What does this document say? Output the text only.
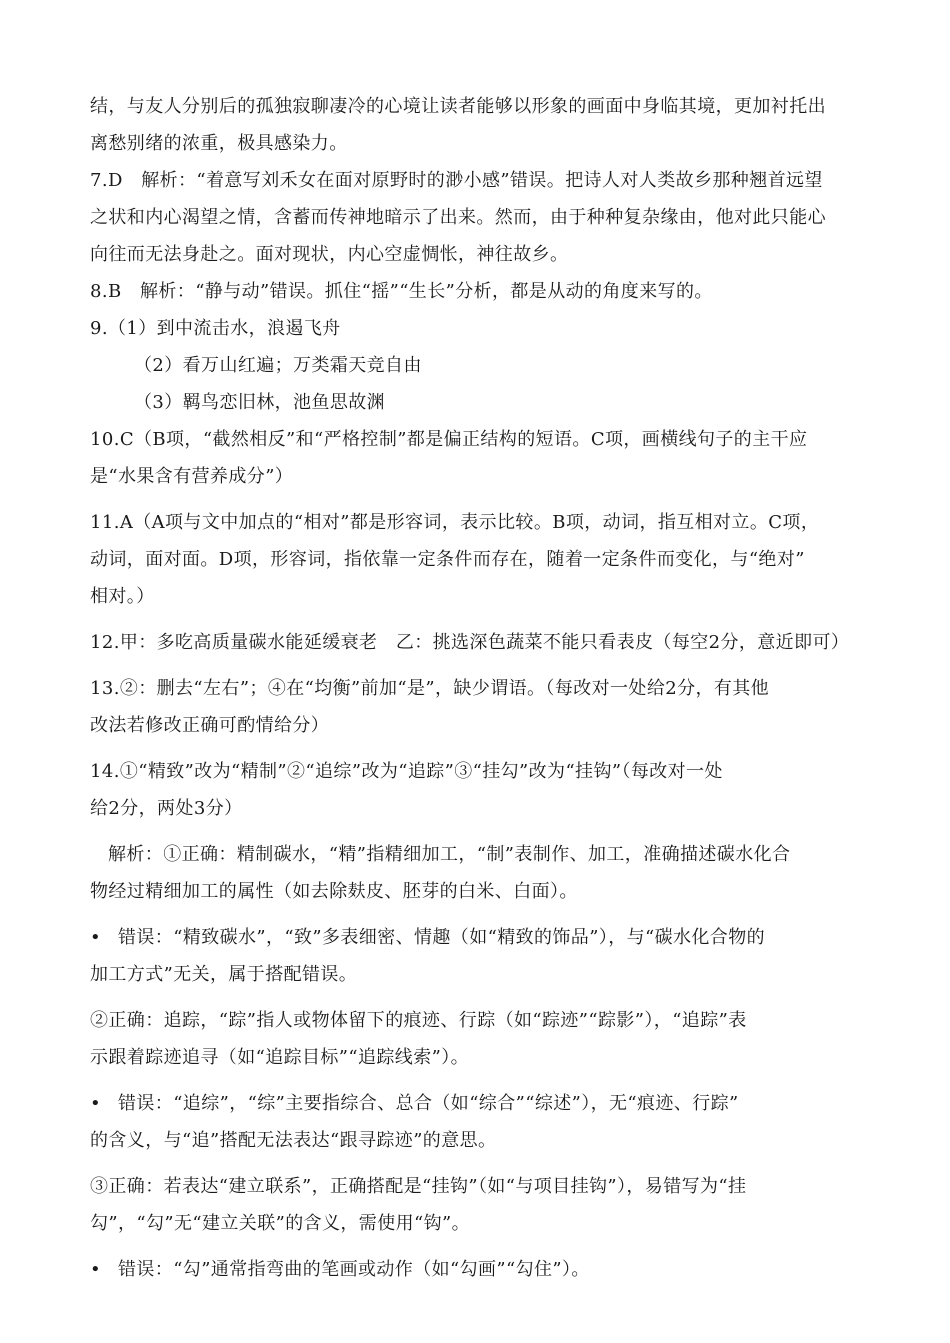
结，与友人分别后的孤独寂聊凄冷的心境让读者能够以形象的画面中身临其境，更加衬托出
离愁别绪的浓重，极具感染力。
7.D　解析：“着意写刘禾女在面对原野时的渺小感”错误。把诗人对人类故乡那种翘首远望
之状和内心渴望之情，含蓄而传神地暗示了出来。然而，由于种种复杂缘由，他对此只能心
向往而无法身赴之。面对现状，内心空虚惆怅，神往故乡。
8.B　解析：“静与动”错误。抓住“摇”“生长”分析，都是从动的角度来写的。
9.（1）到中流击水，浪遏飞舟
（2）看万山红遍；万类霜天竞自由
（3）羁鸟恋旧林，池鱼思故渊
10.C（B项，“截然相反”和“严格控制”都是偏正结构的短语。C项，画横线句子的主干应
是“水果含有营养成分”）
11.A（A项与文中加点的“相对”都是形容词，表示比较。B项，动词，指互相对立。C项，
动词，面对面。D项，形容词，指依靠一定条件而存在，随着一定条件而变化，与“绝对”
相对。）
12.甲：多吃高质量碳水能延缓衰老　乙：挑选深色蔬菜不能只看表皮（每空2分，意近即可）
13.②：删去“左右”；④在“均衡”前加“是”，缺少谓语。（每改对一处给2分，有其他
改法若修改正确可酌情给分）
14.①“精致”改为“精制”②“追综”改为“追踪”③“挂勾”改为“挂钩”（每改对一处
给2分，两处3分）
解析：①正确：精制碳水，“精”指精细加工，“制”表制作、加工，准确描述碳水化合
物经过精细加工的属性（如去除麸皮、胚芽的白米、白面）。
• 错误：“精致碳水”，“致”多表细密、情趣（如“精致的饰品”），与“碳水化合物的
加工方式”无关，属于搭配错误。
②正确：追踪，“踪”指人或物体留下的痕迹、行踪（如“踪迹”“踪影”），“追踪”表
示跟着踪迹追寻（如“追踪目标”“追踪线索”）。
• 错误：“追综”，“综”主要指综合、总合（如“综合”“综述”），无“痕迹、行踪”
的含义，与“追”搭配无法表达“跟寻踪迹”的意思。
③正确：若表达“建立联系”，正确搭配是“挂钩”（如“与项目挂钩”），易错写为“挂
勾”，“勾”无“建立关联”的含义，需使用“钩”。
• 错误：“勾”通常指弯曲的笔画或动作（如“勾画”“勾住”）。
